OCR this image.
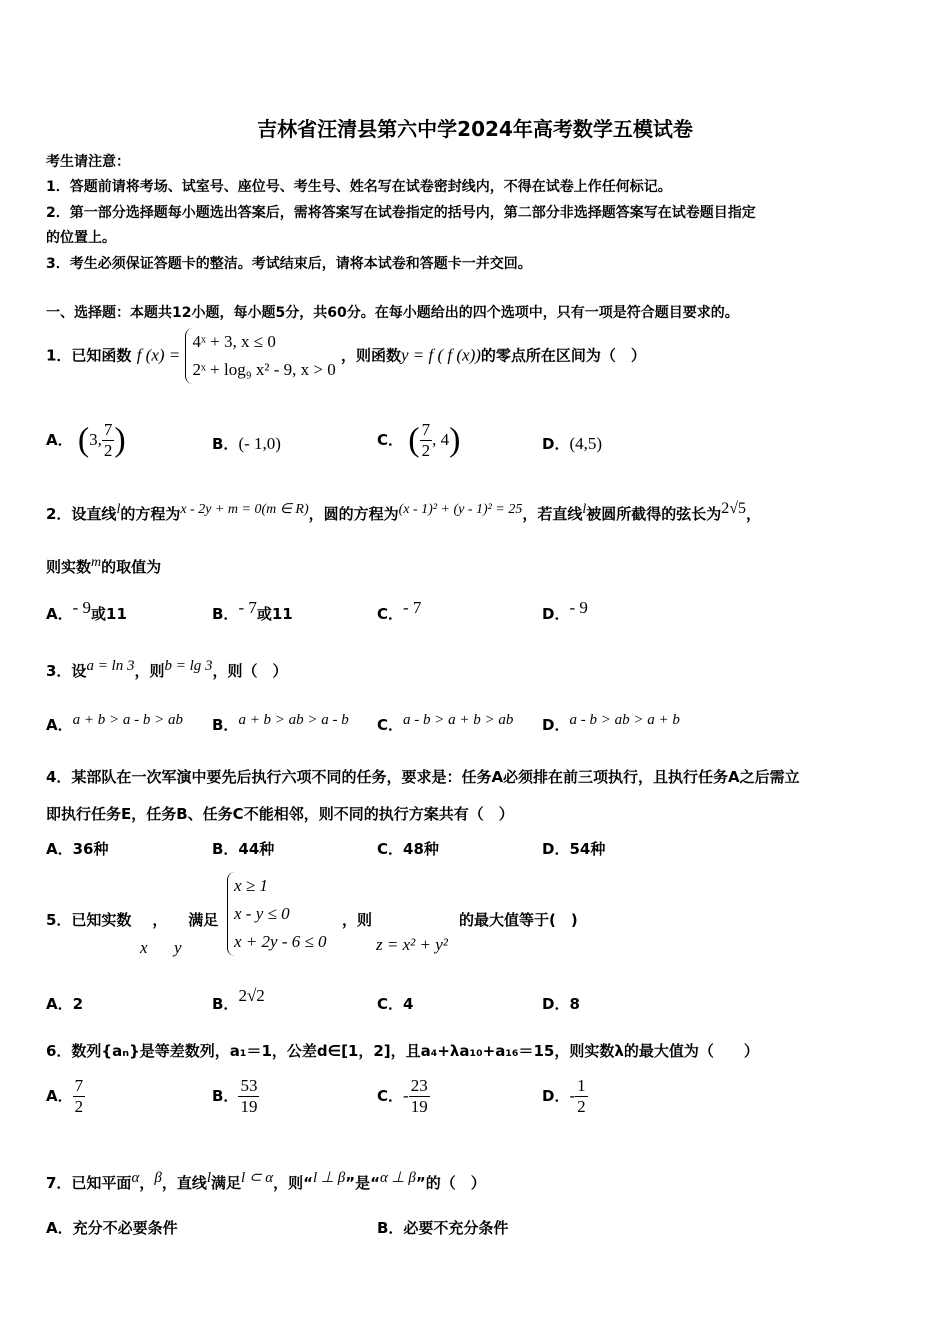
吉林省汪清县第六中学2024年高考数学五模试卷
考生请注意：
1．答题前请将考场、试室号、座位号、考生号、姓名写在试卷密封线内，不得在试卷上作任何标记。
2．第一部分选择题每小题选出答案后，需将答案写在试卷指定的括号内，第二部分非选择题答案写在试卷题目指定
的位置上。
3．考生必须保证答题卡的整洁。考试结束后，请将本试卷和答题卡一并交回。
一、选择题：本题共12小题，每小题5分，共60分。在每小题给出的四个选项中，只有一项是符合题目要求的。
1．已知函数 f (x) =
4ˣ + 3, x ≤ 0
2ˣ + log₉ x² - 9, x > 0
，则函数y = f ( f (x))的零点所在区间为（　）
A． (3, $\frac{7}{2}$ )	B．(- 1,0)	C． ( $\frac{7}{2}$ , 4)	D．(4,5)
2．设直线$^l$的方程为$^{x - 2y + m = 0(m \in R)}$，圆的方程为$^{(x - 1)^2 + (y - 1)^2 = 25}$，若直线$^l$被圆所截得的弦长为$^{2√5}$，
则实数$^m$的取值为
A．$^{- 9}$或11	B．$^{- 7}$或11	C．$^{- 7}$	D．$^{- 9}$
3．设$^{a = ln 3}$，则$^{b = lg 3}$，则（　）
A．$^{a + b > a - b > ab}$ B．$^{a + b > ab > a - b}$ C．$^{a - b > a + b > ab}$ D．$^{a - b > ab > a + b}$
4．某部队在一次军演中要先后执行六项不同的任务，要求是：任务A必须排在前三项执行，且执行任务A之后需立
即执行任务E，任务B、任务C不能相邻，则不同的执行方案共有（　）
A．36种	B．44种	C．48种	D．54种
5．已知实数 ， 满足
x y
x ≥ 1
x - y ≤ 0
x + 2y - 6 ≤ 0
，则
z = x² + y²
的最大值等于(　)
A．2	B．2√2	C．4	D．8
6．数列{aₙ}是等差数列，a₁＝1，公差d∈[1，2]，且a₄+λa₁₀+a₁₆＝15，则实数λ的最大值为（　　）
A． $\frac{7}{2}$	B． $\frac{53}{19}$	C．- $\frac{23}{19}$	D．- $\frac{1}{2}$
7．已知平面$^\alpha$，$^\beta$，直线$^l$满足$^{l \subset \alpha}$，则“$^{l \perp \beta}$”是“$^{\alpha \perp \beta}$”的（　）
A．充分不必要条件	B．必要不充分条件
